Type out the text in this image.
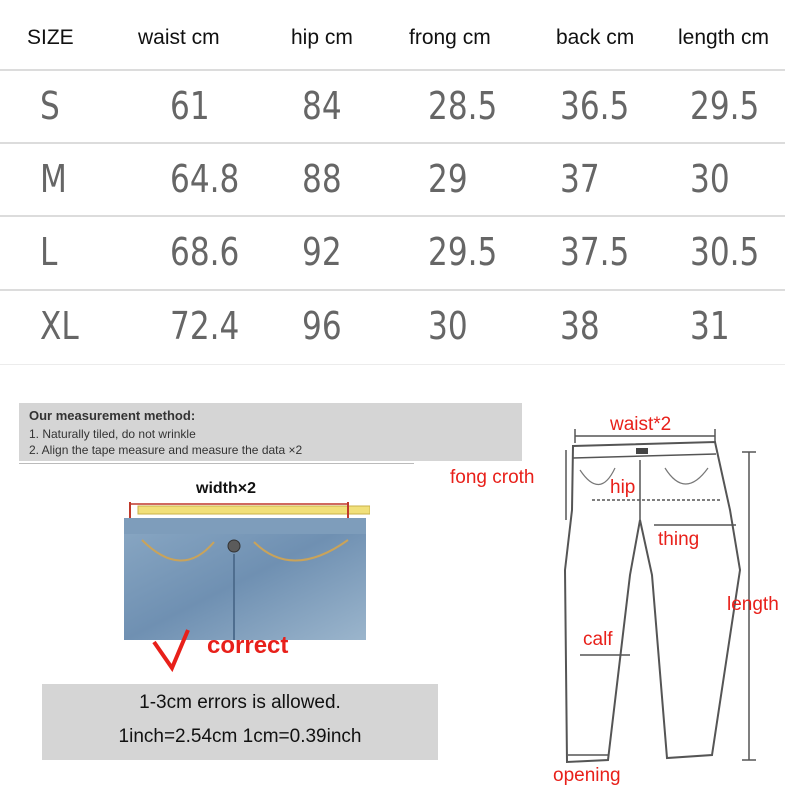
SIZE	waist cm	hip cm	frong cm	back cm length cm
S	61 84 28.5 36.5 29.5
M	64.8 88 29 37 30
L	68.6 92 29.5 37.5 30.5
XL 72.4 96 30 38 31
Our measurement method:
1. Naturally tiled, do not wrinkle
2. Align the tape measure and measure the data ×2
width×2
correct
1-3cm errors is allowed.
1inch=2.54cm 1cm=0.39inch
waist*2
fong croth	hip
thing
length
calf
opening
